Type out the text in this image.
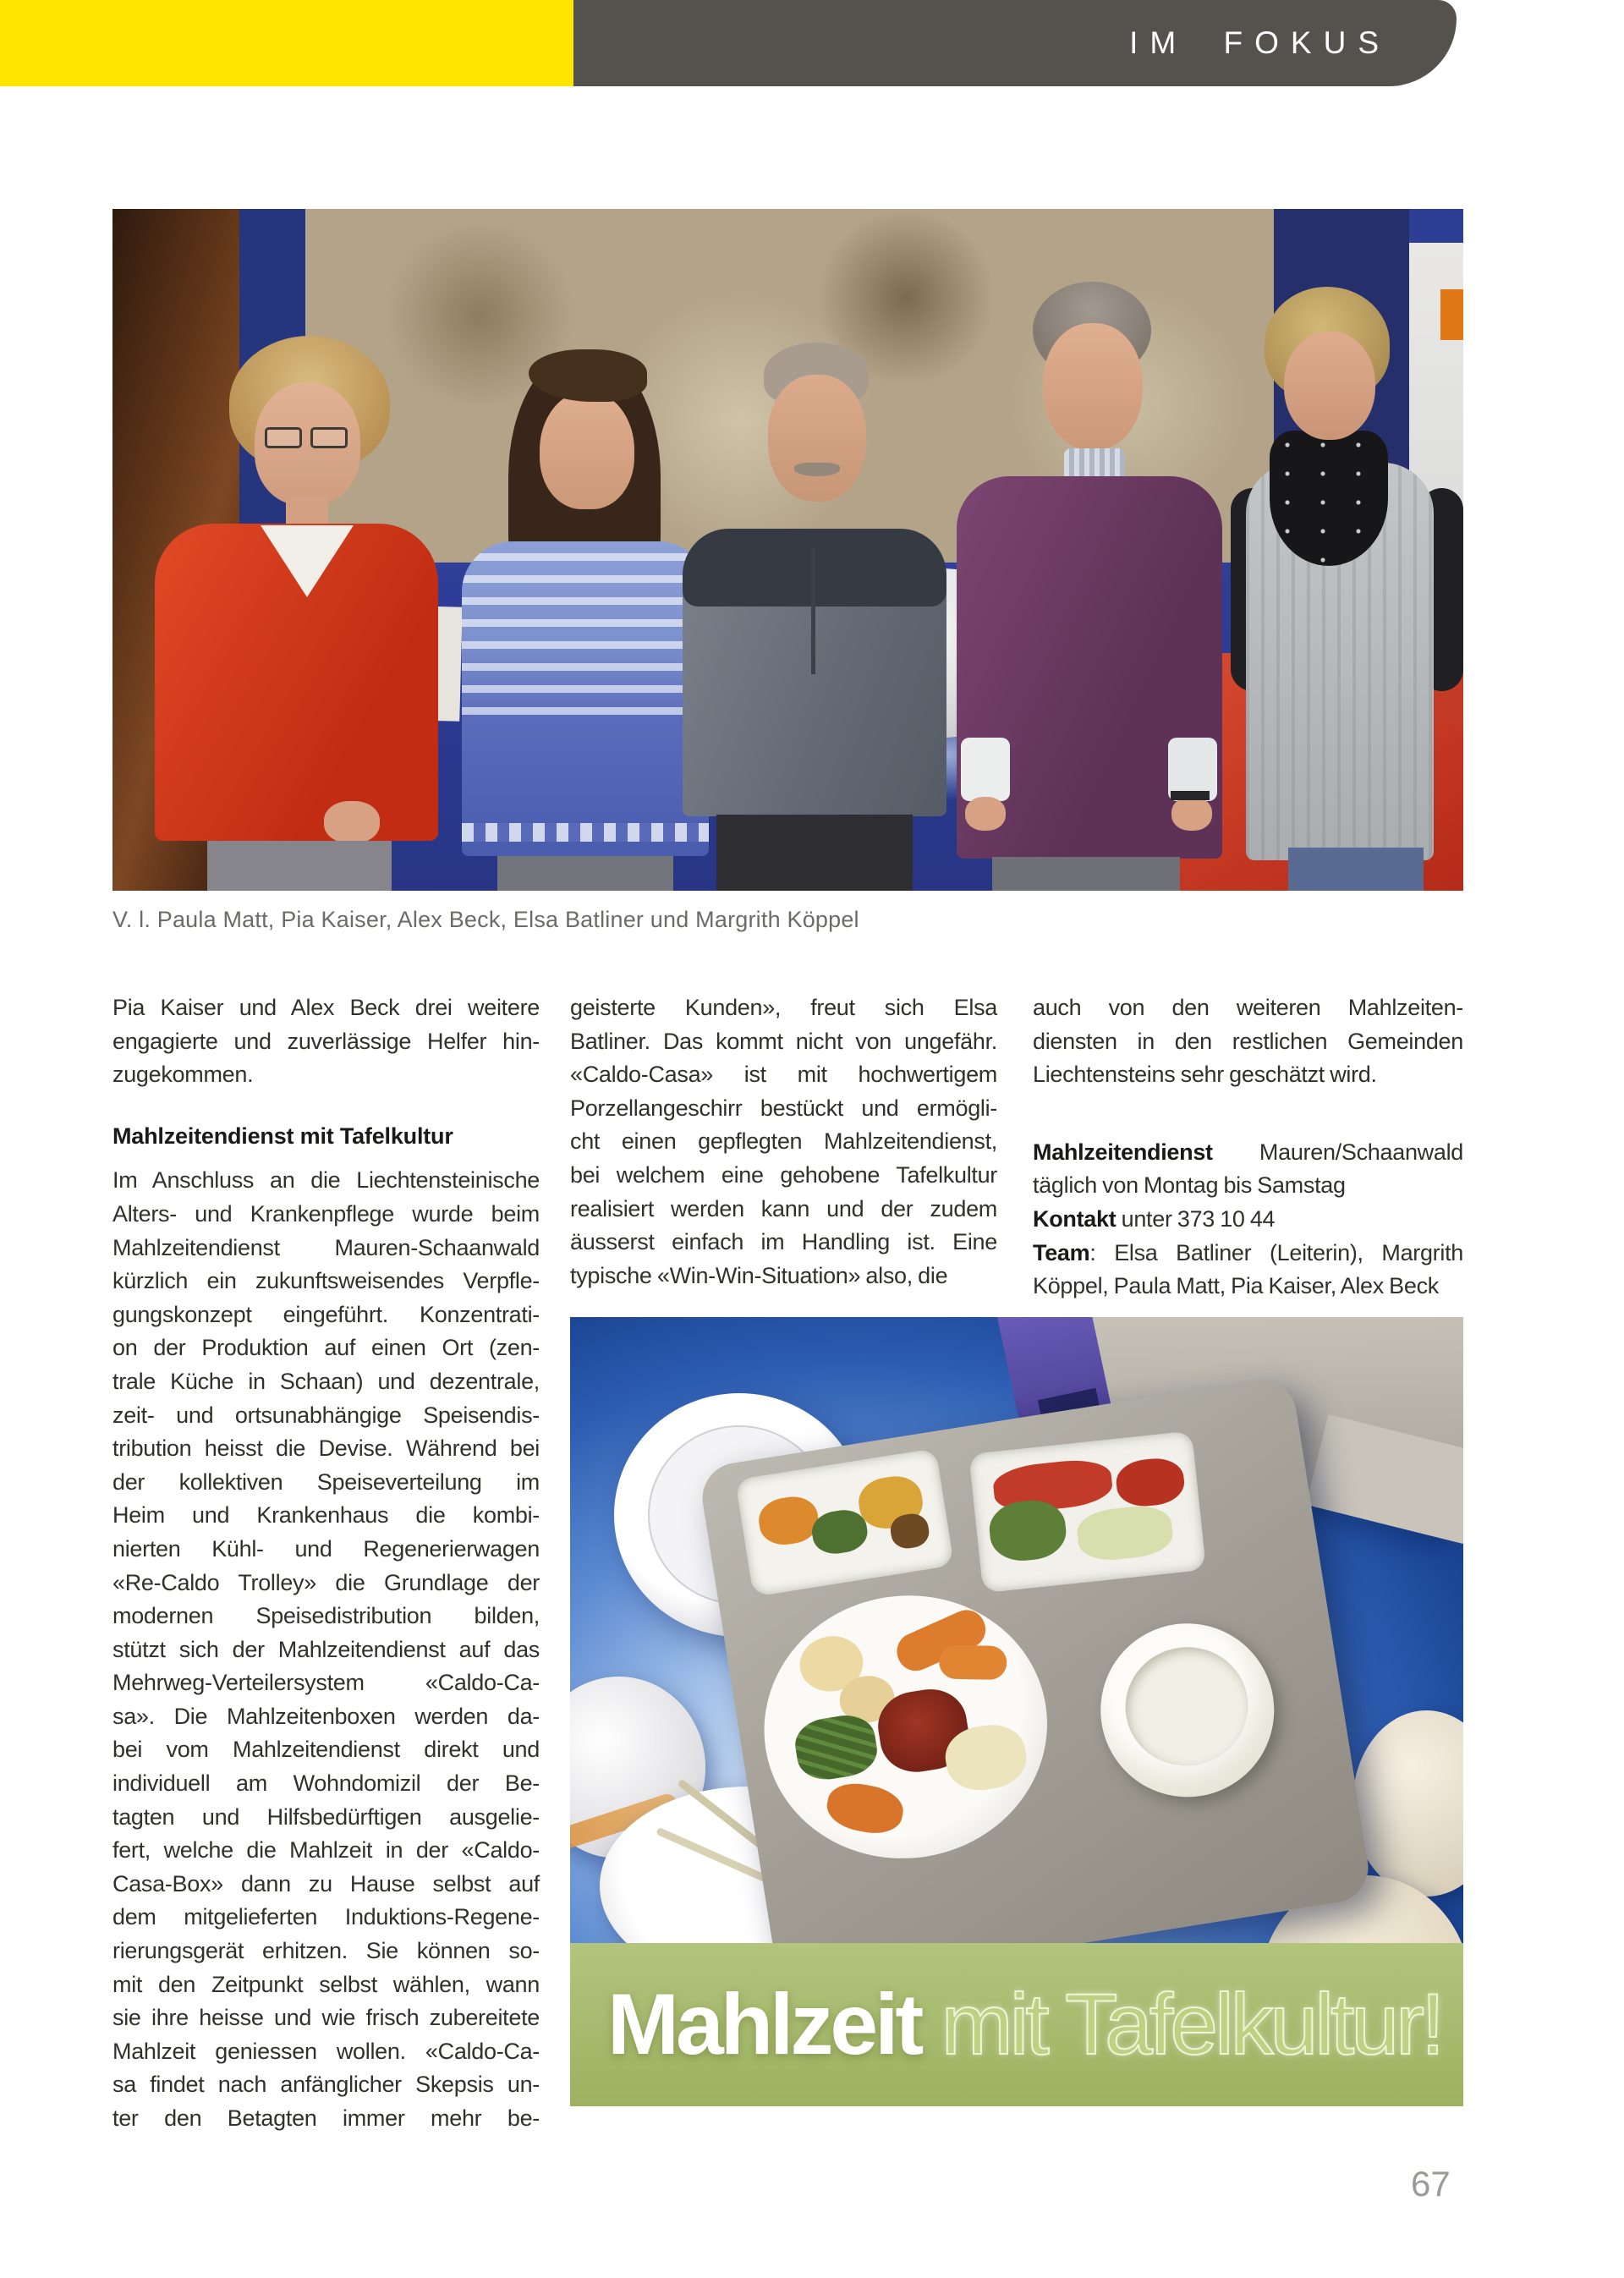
IM FOKUS
V. l. Paula Matt, Pia Kaiser, Alex Beck, Elsa Batliner und Margrith Köppel
Pia Kaiser und Alex Beck drei weitere
engagierte und zuverlässige Helfer hin-
zugekommen.
Mahlzeitendienst mit Tafelkultur
Im Anschluss an die Liechtensteinische
Alters- und Krankenpflege wurde beim
Mahlzeitendienst Mauren-Schaanwald
kürzlich ein zukunftsweisendes Verpfle-
gungskonzept eingeführt. Konzentrati-
on der Produktion auf einen Ort (zen-
trale Küche in Schaan) und dezentrale,
zeit- und ortsunabhängige Speisendis-
tribution heisst die Devise. Während bei
der kollektiven Speiseverteilung im
Heim und Krankenhaus die kombi-
nierten Kühl- und Regenerierwagen
«Re-Caldo Trolley» die Grundlage der
modernen Speisedistribution bilden,
stützt sich der Mahlzeitendienst auf das
Mehrweg-Verteilersystem «Caldo-Ca-
sa». Die Mahlzeitenboxen werden da-
bei vom Mahlzeitendienst direkt und
individuell am Wohndomizil der Be-
tagten und Hilfsbedürftigen ausgelie-
fert, welche die Mahlzeit in der «Caldo-
Casa-Box» dann zu Hause selbst auf
dem mitgelieferten Induktions-Regene-
rierungsgerät erhitzen. Sie können so-
mit den Zeitpunkt selbst wählen, wann
sie ihre heisse und wie frisch zubereitete
Mahlzeit geniessen wollen. «Caldo-Ca-
sa findet nach anfänglicher Skepsis un-
ter den Betagten immer mehr be-
geisterte Kunden», freut sich Elsa
Batliner. Das kommt nicht von ungefähr.
«Caldo-Casa» ist mit hochwertigem
Porzellangeschirr bestückt und ermögli-
cht einen gepflegten Mahlzeitendienst,
bei welchem eine gehobene Tafelkultur
realisiert werden kann und der zudem
äusserst einfach im Handling ist. Eine
typische «Win-Win-Situation» also, die
auch von den weiteren Mahlzeiten-
diensten in den restlichen Gemeinden
Liechtensteins sehr geschätzt wird.
Mahlzeitendienst Mauren/Schaanwald
täglich von Montag bis Samstag
Kontakt unter 373 10 44
Team: Elsa Batliner (Leiterin), Margrith
Köppel, Paula Matt, Pia Kaiser, Alex Beck
Mahlzeit mit Tafelkultur!
67
